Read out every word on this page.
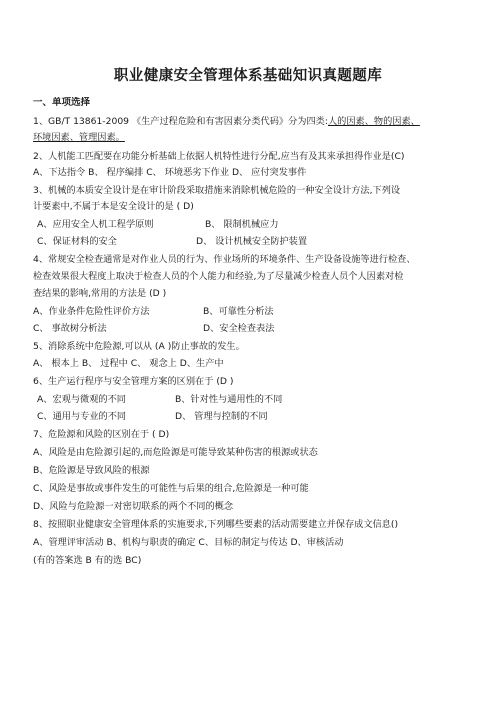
职业健康安全管理体系基础知识真题题库
一、单项选择
1、GB/T 13861-2009 《生产过程危险和有害因素分类代码》分为四类:人的因素、物的因素、
环境因素、管理因素。
2、人机能工匹配要在功能分析基础上依据人机特性进行分配,应当有及其来承担得作业是(C)
A、下达指令 B、 程序编排 C、 环境恶劣下作业 D、 应付突发事件
3、机械的本质安全设计是在审计阶段采取措施来消除机械危险的一种安全设计方法,下列设
计要素中,不属于本是安全设计的是 ( D)
A、应用安全人机工程学原则	B、 限制机械应力
C、保证材料的安全	D、 设计机械安全防护装置
4、常规安全检查通常是对作业人员的行为、作业场所的环境条件、生产设备设施等进行检查、
检查效果很大程度上取决于检查人员的个人能力和经验,为了尽量减少检查人员个人因素对检
查结果的影响,常用的方法是 (D )
A、作业条件危险性评价方法	B、可靠性分析法
C、 事故树分析法	D、安全检查表法
5、消除系统中危险源,可以从 (A )防止事故的发生。
A、 根本上 B、 过程中 C、 观念上 D、生产中
6、生产运行程序与安全管理方案的区别在于 (D )
A、宏观与微观的不同	B、针对性与通用性的不同
C、通用与专业的不同	D、 管理与控制的不同
7、危险源和风险的区别在于 ( D)
A、风险是由危险源引起的,而危险源是可能导致某种伤害的根源或状态
B、危险源是导致风险的根源
C、风险是事故或事件发生的可能性与后果的组合,危险源是一种可能
D、风险与危险源一对密切联系的两个不同的概念
8、按照职业健康安全管理体系的实施要求,下列哪些要素的活动需要建立并保存成文信息()
A、管理评审活动 B、机构与职责的确定 C、目标的制定与传达 D、审核活动
(有的答案选 B 有的选 BC)
